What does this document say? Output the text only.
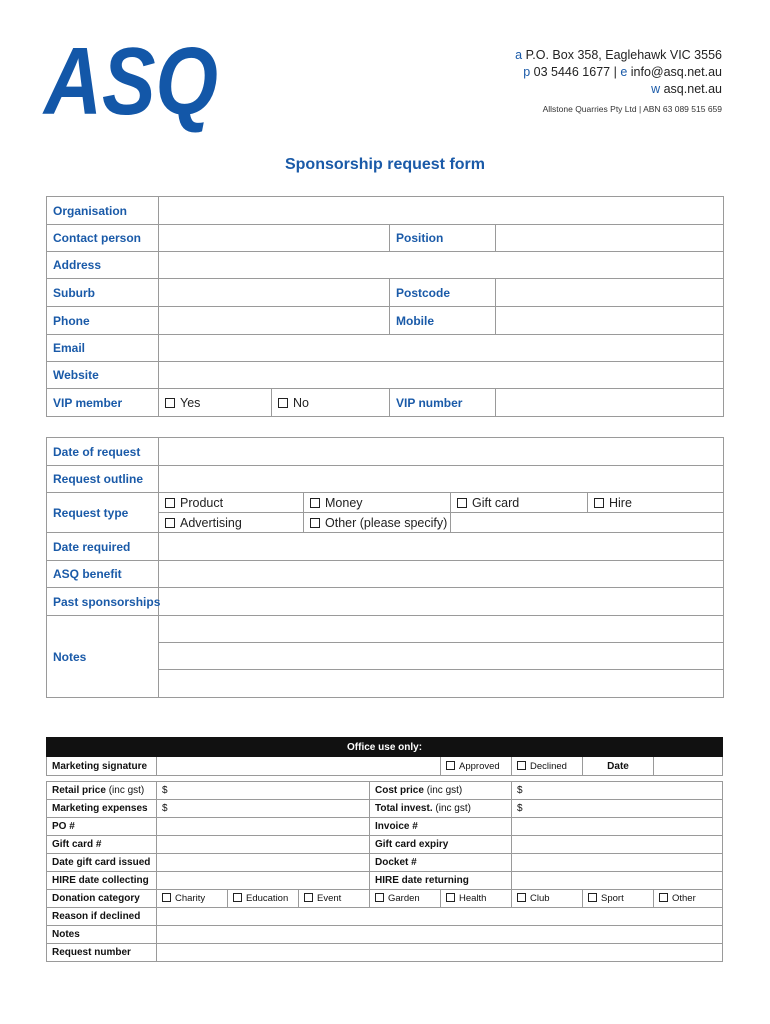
ASQ	a P.O. Box 358, Eaglehawk VIC 3556
p 03 5446 1677 | e info@asq.net.au
w asq.net.au
Allstone Quarries Pty Ltd | ABN 63 089 515 659
Sponsorship request form
Organisation				
Contact person			Position	
Address				
Suburb			Postcode	
Phone			Mobile	
Email				
Website				
VIP member	Yes	No	VIP number	
Date of request				
Request outline				
Request type	Product	Money	Gift card	Hire
	Advertising	Other (please specify)		
Date required				
ASQ benefit				
Past sponsorships				
Notes				

Office use only:								
Marketing signature					Approved	Declined	Date	

Retail price (inc gst)	$			Cost price (inc gst)		$		
Marketing expenses	$			Total invest. (inc gst)		$		
PO #				Invoice #				
Gift card #				Gift card expiry				
Date gift card issued				Docket #				
HIRE date collecting				HIRE date returning				
Donation category	Charity	Education	Event	Garden	Health	Club	Sport	Other
Reason if declined								
Notes								
Request number								
